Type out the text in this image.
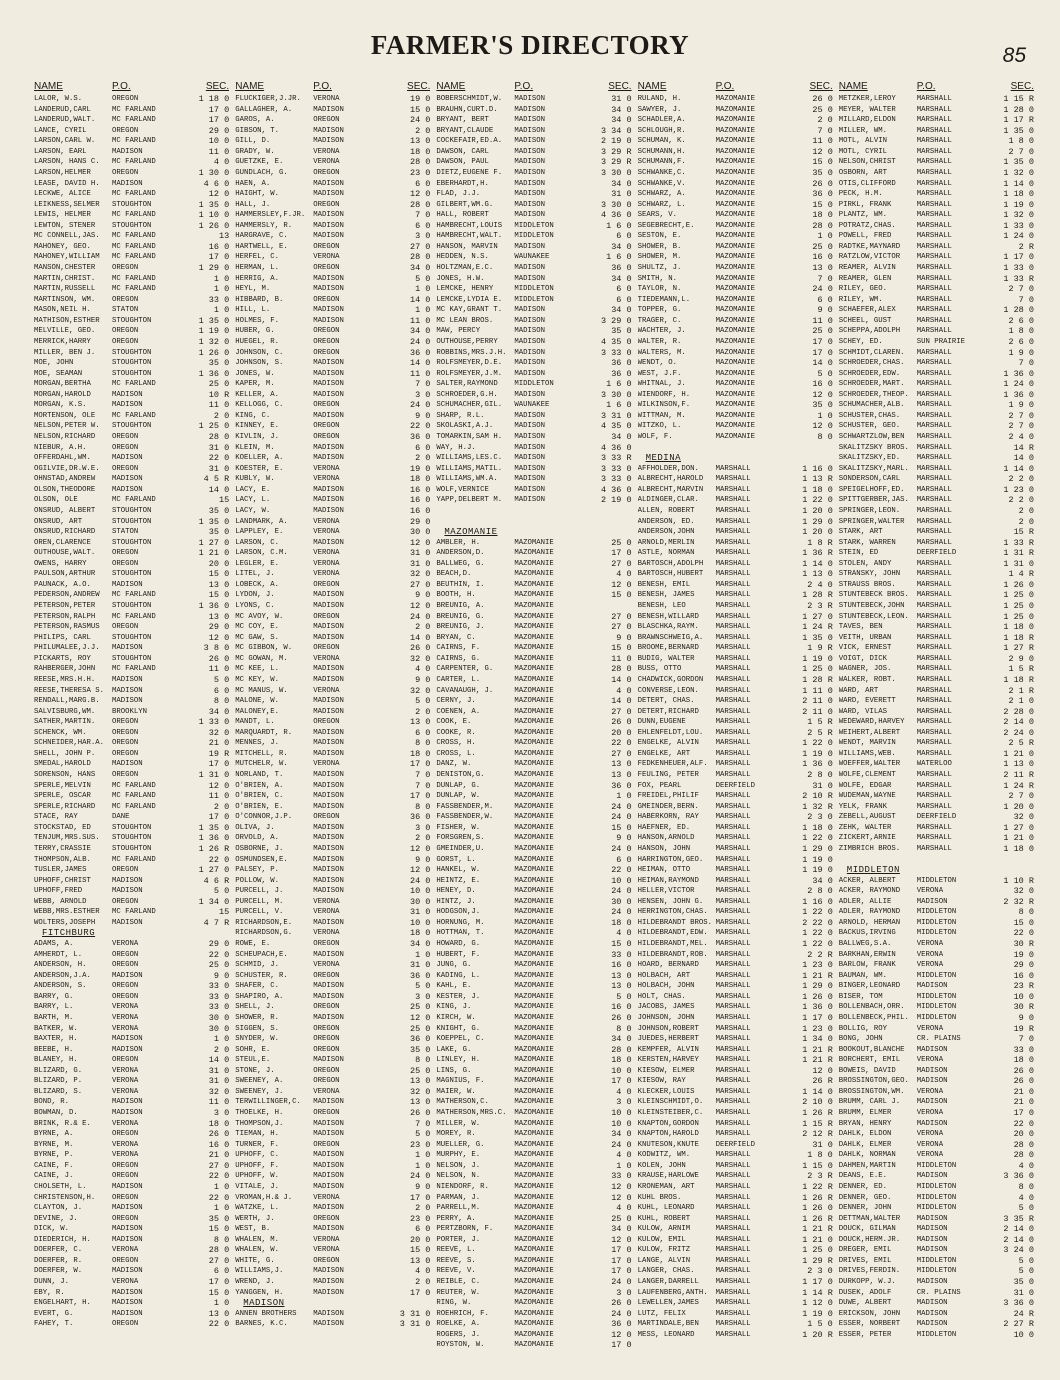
FARMER'S DIRECTORY	85
NAME	P.O.	SEC.
LALOR, W.S.	OREGON	1 18 0
LANDERUD,CARL	MC FARLAND	17 0
LANDERUD,WALT.	MC FARLAND	17 0
LANCE, CYRIL	OREGON	29 0
LARSON,CARL W.	MC FARLAND	10 0
LARSON, EARL	MADISON	11 0
LARSON, HANS C.	MC FARLAND	4 0
LARSON,HELMER	OREGON	1 30 0
LEASE, DAVID H.	MADISON	4 6 0
LECKWE, ALICE	MC FARLAND	12 0
LEIKNESS,SELMER	STOUGHTON	1 35 0
LEWIS, HELMER	MC FARLAND	1 10 0
LEWTON, STENER	STOUGHTON	1 26 0
MC CONNELL,JAS.	MC FARLAND	13
MAHONEY, GEO.	MC FARLAND	16 0
MAHONEY,WILLIAM	MC FARLAND	17 0
MANSON,CHESTER	OREGON	1 29 0
MARTIN,CHRIST.	MC FARLAND	1 0
MARTIN,RUSSELL	MC FARLAND	1 0
MARTINSON, WM.	OREGON	33 0
MASON,NEIL H.	STATON	1 0
MATHISON,ESTHER	STOUGHTON	1 35 0
MELVILLE, GEO.	OREGON	1 19 0
MERRICK,HARRY	OREGON	1 32 0
MILLER, BEN J.	STOUGHTON	1 26 0
MOE, JOHN	STOUGHTON	35 0
MOE, SEAMAN	STOUGHTON	1 36 0
MORGAN,BERTHA	MC FARLAND	25 0
MORGAN,HAROLD	MADISON	10 R
MORGAN, K.S.	MADISON	11 0
MORTENSON, OLE	MC FARLAND	2 0
NELSON,PETER W.	STOUGHTON	1 25 0
NELSON,RICHARD	OREGON	28 0
NIEBUR, A.H.	OREGON	31 0
OFFERDAHL,WM.	MADISON	22 0
OGILVIE,DR.W.E.	OREGON	31 0
OHNSTAD,ANDREW	MADISON	4 5 R
OLSON,THEODORE	MADISON	14 0
OLSON, OLE	MC FARLAND	15
ONSRUD, ALBERT	STOUGHTON	35 0
ONSRUD, ART	STOUGHTON	1 35 0
ONSRUD,RICHARD	STATON	35 0
OREN,CLARENCE	STOUGHTON	1 27 0
OUTHOUSE,WALT.	OREGON	1 21 0
OWENS, HARRY	OREGON	20 0
PAULSON,ARTHUR	STOUGHTON	15 0
PAUNACK, A.O.	MADISON	13 0
PEDERSON,ANDREW	MC FARLAND	15 0
PETERSON,PETER	STOUGHTON	1 36 0
PETERSON,RALPH	MC FARLAND	13 0
PETERSON,RASMUS	OREGON	29 0
PHILIPS, CARL	STOUGHTON	12 0
PHILUMALEE,J.J.	MADISON	3 8 0
PICKARTS, ROY	STOUGHTON	26 0
RAHBERGER,JOHN	MC FARLAND	11 0
REESE,MRS.H.H.	MADISON	5 0
REESE,THERESA S.	MADISON	6 0
RENDALL,MARG.B.	MADISON	8 0
SALVISBURG,WM.	BROOKLYN	34 0
SATHER,MARTIN.	OREGON	1 33 0
SCHENCK, WM.	OREGON	32 0
SCHNEIDER,HAR.A.	OREGON	21 0
SHELL, JOHN P.	OREGON	19 R
SMEDAL,HAROLD	MADISON	17 0
SORENSON, HANS	OREGON	1 31 0
SPERLE,MELVIN	MC FARLAND	12 0
SPERLE, OSCAR	MC FARLAND	11 0
SPERLE,RICHARD	MC FARLAND	2 0
STACE, RAY	DANE	17 0
STOCKSTAD, ED	STOUGHTON	1 35 0
TENJUM,MRS.SUS.	STOUGHTON	1 36 0
TERRY,CRASSIE	STOUGHTON	1 26 R
THOMPSON,ALB.	MC FARLAND	22 0
TUSLER,JAMES	OREGON	1 27 0
UPHOFF,CHRIST	MADISON	4 6 R
UPHOFF,FRED	MADISON	5 0
WEBB, ARNOLD	OREGON	1 34 0
WEBB,MRS.ESTHER	MC FARLAND	15
WOLTERS,JOSEPH	MADISON	4 7 R
FITCHBURG
ADAMS, A.	VERONA	29 0
AMHERDT, L.	OREGON	22 0
ANDERSON, H.	OREGON	25 0
ANDERSON,J.A.	MADISON	9 0
ANDERSON, S.	OREGON	33 0
BARRY, G.	OREGON	33 0
BARRY, L.	VERONA	33 0
BARTH, M.	VERONA	30 0
BATKER, W.	VERONA	30 0
BAXTER, H.	MADISON	1 0
BEEBE, H.	MADISON	2 0
BLANEY, H.	OREGON	14 0
BLIZARD, G.	VERONA	31 0
BLIZARD, P.	VERONA	31 0
BLIZARD, S.	VERONA	32 0
BOND, R.	MADISON	11 0
BOWMAN, D.	MADISON	3 0
BRINK, R.& E.	VERONA	18 0
BYRNE, A.	OREGON	26 0
BYRNE, M.	VERONA	16 0
BYRNE, P.	VERONA	21 0
CAINE, F.	OREGON	27 0
CAINE, J.	OREGON	22 0
CHOLSETH, L.	MADISON	1 0
CHRISTENSON,H.	OREGON	22 0
CLAYTON, J.	MADISON	1 0
DEVINE, J.	OREGON	35 0
DICK, W.	MADISON	15 0
DIEDERICH, H.	MADISON	8 0
DOERFER, C.	VERONA	28 0
DOERFER, R.	OREGON	27 0
DOERFER, W.	MADISON	6 0
DUNN, J.	VERONA	17 0
EBY, R.	MADISON	15 0
ENGELHART, H.	MADISON	1 0
EVERT, G.	MADISON	13 0
FAHEY, T.	OREGON	22 0
NAME	P.O.	SEC.
FLUCKIGER,J.JR.	VERONA	19 0
GALLAGHER, A.	MADISON	15 0
GAROS, A.	OREGON	24 0
GIBSON, T.	MADISON	2 0
GILL, D.	MADISON	13 0
GRADY, W.	VERONA	18 0
GUETZKE, E.	VERONA	28 0
GUNDLACH, G.	OREGON	23 0
HAEN, A.	MADISON	6 0
HAIGHT, W.	MADISON	12 0
HALL, J.	OREGON	28 0
HAMMERSLEY,F.JR.	MADISON	7 0
HAMMERSLY, R.	MADISON	6 0
HARGRAVE, C.	MADISON	3 0
HARTWELL, E.	OREGON	27 0
HERFEL, C.	VERONA	28 0
HERMAN, L.	OREGON	34 0
HERRIG, A.	MADISON	5 0
HEYL, M.	MADISON	1 0
HIBBARD, B.	OREGON	14 0
HILL, L.	MADISON	1 0
HOLMES, F.	MADISON	11 0
HUBER, G.	OREGON	34 0
HUEGEL, R.	OREGON	24 0
JOHNSON, C.	OREGON	36 0
JOHNSON, S.	MADISON	14 0
JONES, W.	MADISON	11 0
KAPER, M.	MADISON	7 0
KELLER, A.	MADISON	3 0
KELLOGG, C.	OREGON	24 0
KING, C.	MADISON	9 0
KINNEY, E.	OREGON	22 0
KIVLIN, J.	OREGON	36 0
KLEIN, M.	MADISON	6 0
KOELLER, A.	MADISON	2 0
KOESTER, E.	VERONA	19 0
KUBLY, W.	VERONA	18 0
LACY, E.	MADISON	16 0
LACY, L.	MADISON	16 0
LACY, W.	MADISON	16 0
LANDMARK, A.	VERONA	29 0
LAPPLEY, E.	VERONA	30 0
LARSON, C.	MADISON	12 0
LARSON, C.M.	VERONA	31 0
LEGLER, E.	VERONA	31 0
LITEL, J.	VERONA	32 0
LOBECK, A.	OREGON	27 0
LYDON, J.	MADISON	9 0
LYONS, C.	MADISON	12 0
MC AVOY, W.	OREGON	24 0
MC COY, E.	MADISON	2 0
MC GAW, S.	MADISON	14 0
MC GIBBON, W.	OREGON	26 0
MC GOWAN, M.	VERONA	32 0
MC KEE, L.	MADISON	4 0
MC KEY, W.	MADISON	9 0
MC MANUS, W.	VERONA	32 0
MALONE, W.	MADISON	5 0
MALONEY,E.	MADISON	2 0
MANDT, L.	OREGON	13 0
MARQUARDT, R.	MADISON	6 0
MENNES, J.	MADISON	8 0
MITCHELL, R.	MADISON	18 0
MUTCHELR, W.	VERONA	17 0
NORLAND, T.	MADISON	7 0
O'BRIEN, A.	MADISON	7 0
O'BRIEN, C.	MADISON	17 0
O'BRIEN, E.	MADISON	8 0
O'CONNOR,J.P.	OREGON	36 0
OLIVA, J.	MADISON	3 0
ORVOLD, A.	MADISON	2 0
OSBORNE, J.	MADISON	12 0
OSMUNDSEN,E.	MADISON	9 0
PALSEY, P.	MADISON	12 0
POLLOW, W.	MADISON	24 0
PURCELL, J.	MADISON	10 0
PURCELL, M.	VERONA	30 0
PURCELL, V.	VERONA	31 0
RICHARDSON,E.	MADISON	10 0
RICHARDSON,G.	VERONA	18 0
ROWE, E.	OREGON	34 0
SCHEUPACH,E.	MADISON	1 0
SCHMID, J.	VERONA	31 0
SCHUSTER, R.	OREGON	36 0
SHAFER, C.	MADISON	5 0
SHAPIRO, A.	MADISON	3 0
SHELL, J.	OREGON	25 0
SHOWER, R.	MADISON	12 0
SIGGEN, S.	OREGON	25 0
SNYDER, W.	OREGON	36 0
SOHR, E.	OREGON	35 0
STEUL,E.	MADISON	8 0
STONE, J.	OREGON	25 0
SWEENEY, A.	OREGON	13 0
SWEENEY, J.	VERONA	32 0
TERWILLINGER,C.	MADISON	13 0
THOELKE, H.	OREGON	26 0
THOMPSON,J.	MADISON	7 0
TIEMAN, H.	MADISON	5 0
TURNER, F.	OREGON	23 0
UPHOFF, C.	MADISON	1 0
UPHOFF, F.	MADISON	1 0
UPHOFF, W.	MADISON	24 0
VITALE, J.	MADISON	9 0
VROMAN,H.& J.	VERONA	17 0
WATZKE, L.	MADISON	2 0
WERTH, J.	OREGON	23 0
WEST, B.	MADISON	6 0
WHALEN, M.	VERONA	20 0
WHALEN, W.	VERONA	15 0
WHITE, G.	OREGON	13 0
WILLIAMS,J.	MADISON	4 0
WREND, J.	MADISON	2 0
YANGGEN, H.	MADISON	17 0
MADISON
ANNEN BROTHERS	MADISON	3 31 0
BARNES, K.C.	MADISON	3 31 0
NAME	P.O.	SEC.
BOBERSCHMIDT,W.	MADISON	31 0
BRAUHN,CURT.D.	MADISON	34 0
BRYANT, BERT	MADISON	34 0
BRYANT,CLAUDE	MADISON	3 34 0
COCKEFAIR,ED.A.	MADISON	2 19 0
DAWSON, CARL	MADISON	3 29 R
DAWSON, PAUL	MADISON	3 29 R
DIETZ,EUGENE F.	MADISON	3 30 0
EBERHARDT,H.	MADISON	34 0
FLAD, J.J.	MADISON	31 0
GILBERT,WM.G.	MADISON	3 30 0
HALL, ROBERT	MADISON	4 36 0
HAMBRECHT,LOUIS	MIDDLETON	1 6 0
HAMBRECHT,WALT.	MIDDLETON	6 0
HANSON, MARVIN	MADISON	34 0
HEDDEN, N.S.	WAUNAKEE	1 6 0
HOLTZMAN,E.C.	MADISON	36 0
JONES, H.W.	MADISON	34 0
LEMCKE, HENRY	MIDDLETON	6 0
LEMCKE,LYDIA E.	MIDDLETON	6 0
MC KAY,GRANT T.	MADISON	34 0
MC LEAN BROS.	MADISON	3 29 0
MAW, PERCY	MADISON	35 0
OUTHOUSE,PERRY	MADISON	4 35 0
ROBBINS,MRS.J.H.	MADISON	3 33 0
ROLFSMEYER,D.E.	MADISON	36 0
ROLFSMEYER,J.M.	MADISON	36 0
SALTER,RAYMOND	MIDDLETON	1 6 0
SCHROEDER,G.H.	MADISON	3 30 0
SCHUMACHER,GIL.	WAUNAKEE	1 6 0
SHARP, R.L.	MADISON	3 31 0
SKOLASKI,A.J.	MADISON	4 35 0
TOMARKIN,SAM H.	MADISON	34 0
WAY, H.J.	MADISON	4 36 0
WILLIAMS,LES.C.	MADISON	3 33 R
WILLIAMS,MATIL.	MADISON	3 33 0
WILLIAMS,WM.A.	MADISON	3 33 0
WOLF,VERNICE	MADISON	4 36 0
YAPP,DELBERT M.	MADISON	2 19 0
MAZOMANIE
AMBLER, H.	MAZOMANIE	25 0
ANDERSON,D.	MAZOMANIE	17 0
BALLWEG, G.	MAZOMANIE	27 0
BEACH,D.	MAZOMANIE	4 0
BEUTHIN, I.	MAZOMANIE	12 0
BOOTH, H.	MAZOMANIE	15 0
BREUNIG, A.	MAZOMANIE
BREUNIG, G.	MAZOMANIE	27 0
BREUNIG, J.	MAZOMANIE	27 0
BRYAN, C.	MAZOMANIE	9 0
CAIRNS, F.	MAZOMANIE	15 0
CAIRNS, G.	MAZOMANIE	11 0
CARPENTER, G.	MAZOMANIE	28 0
CARTER, L.	MAZOMANIE	14 0
CAVANAUGH, J.	MAZOMANIE	4 0
CERNY, J.	MAZOMANIE	14 0
COENEN, A.	MAZOMANIE	27 0
COOK, E.	MAZOMANIE	26 0
COOKE, R.	MAZOMANIE	20 0
CROSS, H.	MAZOMANIE	22 0
CROSS, L.	MAZOMANIE	27 0
DANZ, W.	MAZOMANIE	13 0
DENISTON,G.	MAZOMANIE	13 0
DUNLAP, G.	MAZOMANIE	36 0
DUNLAP, W.	MAZOMANIE	1 0
FASSBENDER,M.	MAZOMANIE	24 0
FASSBENDER,W.	MAZOMANIE	24 0
FISHER, W.	MAZOMANIE	15 0
FORSGREN,S.	MAZOMANIE	9 0
GMEINDER,U.	MAZOMANIE	24 0
GORST, L.	MAZOMANIE	6 0
HANKEL, W.	MAZOMANIE	22 0
HEINTZ, E.	MAZOMANIE	10 0
HENEY, D.	MAZOMANIE	24 0
HINTZ, J.	MAZOMANIE	30 0
HODGSON,J.	MAZOMANIE	24 0
HORNUNG, M.	MAZOMANIE	18 0
HOTTMAN, T.	MAZOMANIE	4 0
HOWARD, G.	MAZOMANIE	15 0
HUBERT, F.	MAZOMANIE	33 0
JUNG, G.	MAZOMANIE	16 0
KADING, L.	MAZOMANIE	13 0
KAHL, E.	MAZOMANIE	13 0
KESTER, J.	MAZOMANIE	5 0
KING, J.	MAZOMANIE	16 0
KIRCH, W.	MAZOMANIE	26 0
KNIGHT, G.	MAZOMANIE	8 0
KOEPPEL, C.	MAZOMANIE	34 0
LAKE, G.	MAZOMANIE	28 0
LINLEY, H.	MAZOMANIE	18 0
LINS, G.	MAZOMANIE	10 0
MAGNIUS, F.	MAZOMANIE	17 0
MAIER, W.	MAZOMANIE	4 0
MATHERSON,C.	MAZOMANIE	3 0
MATHERSON,MRS.C.	MAZOMANIE	10 0
MILLER, W.	MAZOMANIE	10 0
MOREY, R.	MAZOMANIE	34 0
MUELLER, G.	MAZOMANIE	24 0
MURPHY, E.	MAZOMANIE	4 0
NELSON, J.	MAZOMANIE	1 0
NELSON, N.	MAZOMANIE	33 0
NIENDORF, R.	MAZOMANIE	12 0
PARMAN, J.	MAZOMANIE	12 0
PARRELL,M.	MAZOMANIE	4 0
PERRY, A.	MAZOMANIE	25 0
PERTZBORN, F.	MAZOMANIE	34 0
PORTER, J.	MAZOMANIE	12 0
REEVE, L.	MAZOMANIE	17 0
REEVE, S.	MAZOMANIE	17 0
REEVE, V.	MAZOMANIE	17 0
REIBLE, C.	MAZOMANIE	24 0
REUTER, W.	MAZOMANIE	3 0
RING, W.	MAZOMANIE	26 0
ROEHRICH, F.	MAZOMANIE	24 0
ROELKE, A.	MAZOMANIE	36 0
ROGERS, J.	MAZOMANIE	12 0
ROYSTON, W.	MAZOMANIE	17 0
NAME	P.O.	SEC.
RULAND, H.	MAZOMANIE	26 0
SAWYER, J.	MAZOMANIE	25 0
SCHADLER,A.	MAZOMANIE	2 0
SCHLOUGH,R.	MAZOMANIE	7 0
SCHUMAN, K.	MAZOMANIE	11 0
SCHUMANN,H.	MAZOMANIE	12 0
SCHUMANN,F.	MAZOMANIE	15 0
SCHWANKE,C.	MAZOMANIE	35 0
SCHWANKE,V.	MAZOMANIE	26 0
SCHWARZ, A.	MAZOMANIE	36 0
SCHWARZ, L.	MAZOMANIE	15 0
SEARS, V.	MAZOMANIE	18 0
SEGEBRECHT,E.	MAZOMANIE	28 0
SESTON, E.	MAZOMANIE	1 0
SHOWER, B.	MAZOMANIE	25 0
SHOWER, M.	MAZOMANIE	16 0
SHULTZ, J.	MAZOMANIE	13 0
SMITH, N.	MAZOMANIE	7 0
TAYLOR, N.	MAZOMANIE	24 0
TIEDEMANN,L.	MAZOMANIE	6 0
TOPPER, G.	MAZOMANIE	9 0
TRAGER, C.	MAZOMANIE	11 0
WACHTER, J.	MAZOMANIE	25 0
WALTER, R.	MAZOMANIE	17 0
WALTERS, M.	MAZOMANIE	17 0
WENDT, O.	MAZOMANIE	14 0
WEST, J.F.	MAZOMANIE	5 0
WHITNAL, J.	MAZOMANIE	16 0
WIENDORF, H.	MAZOMANIE	12 0
WILKINSON,F.	MAZOMANIE	35 0
WITTMAN, M.	MAZOMANIE	1 0
WITZKO, L.	MAZOMANIE	12 0
WOLF, F.	MAZOMANIE	8 0
MEDINA
AFFHOLDER,DON.	MARSHALL	1 16 0
ALBRECHT,HAROLD	MARSHALL	1 13 R
ALBRECHT,MARVIN	MARSHALL	1 18 0
ALDINGER,CLAR.	MARSHALL	1 22 0
ALLEN, ROBERT	MARSHALL	1 20 0
ANDERSON, ED.	MARSHALL	1 29 0
ANDERSON,JOHN	MARSHALL	1 20 0
ARNOLD,MERLIN	MARSHALL	1 8 R
ASTLE, NORMAN	MARSHALL	1 36 R
BARTOSCH,ADOLPH	MARSHALL	1 14 0
BARTOSCH,HUBERT	MARSHALL	1 13 0
BENESH, EMIL	MARSHALL	2 4 0
BENESH, JAMES	MARSHALL	1 28 R
BENESH, LEO	MARSHALL	2 3 R
BENESH,WILLARD	MARSHALL	1 27 0
BLASCHKA,RAYM.	MARSHALL	1 24 R
BRAWNSCHWEIG,A.	MARSHALL	1 35 0
BROOME,BERNARD	MARSHALL	1 9 R
BUDIG, WALTER	MARSHALL	1 19 0
BUSS, OTTO	MARSHALL	1 25 0
CHADWICK,GORDON	MARSHALL	1 28 R
CONVERSE,LEON.	MARSHALL	1 11 0
DETERT, CHAS.	MARSHALL	2 11 0
DETERT,RICHARD	MARSHALL	2 11 0
DUNN,EUGENE	MARSHALL	1 5 R
EHLENFELDT,LOU.	MARSHALL	2 5 R
ENGELKE, ALVIN	MARSHALL	1 22 0
ENGELKE, ART	MARSHALL	1 19 0
FEDKENHEUER,ALF.	MARSHALL	1 36 0
FEULING, PETER	MARSHALL	2 8 0
FOX, PEARL	DEERFIELD	31 0
FREIDEL,PHILIF	MARSHALL	2 10 R
GMEINDER,BERN.	MARSHALL	1 32 R
HABERKORN, RAY	MARSHALL	2 3 0
HAEFNER, ED.	MARSHALL	1 18 0
HANSON,ARNOLD	MARSHALL	1 22 0
HANSON, JOHN	MARSHALL	1 29 0
HARRINGTON,GEO.	MARSHALL	1 19 0
HEIMAN, OTTO	MARSHALL	1 19 0
HEIMAN,RAYMOND	MARSHALL	34 0
HELLER,VICTOR	MARSHALL	2 8 0
HENSEN, JOHN G.	MARSHALL	1 16 0
HERRINGTON,CHAS.	MARSHALL	1 22 0
HILDEBRANDT BROS. MARSHALL	2 22 0
HILDEBRANDT,EDW.	MARSHALL	1 22 0
HILDEBRANDT,MEL.	MARSHALL	1 22 0
HILDEBRANDT,ROB.	MARSHALL	2 2 R
HOARD, BERNARD	MARSHALL	1 23 0
HOLBACH, ART	MARSHALL	1 21 R
HOLBACH, JOHN	MARSHALL	1 29 0
HOLT, CHAS.	MARSHALL	1 26 0
JACOBS, JAMES	MARSHALL	1 36 0
JOHNSON, JOHN	MARSHALL	1 17 0
JOHNSON,ROBERT	MARSHALL	1 23 0
JUEDES,HERBERT	MARSHALL	1 34 0
KEMPFER, ALVIN	MARSHALL	1 21 R
KERSTEN,HARVEY	MARSHALL	1 21 R
KIESOW, ELMER	MARSHALL	12 0
KIESOW, RAY	MARSHALL	26 R
KLECKER,LOUIS	MARSHALL	1 14 0
KLEINSCHMIDT,O.	MARSHALL	2 10 0
KLEINSTEIBER,C.	MARSHALL	1 26 R
KNAPTON,GORDON	MARSHALL	1 15 R
KNAPTON,HAROLD	MARSHALL	2 12 R
KNUTESON,KNUTE	DEERFIELD	31 0
KODWITZ, WM.	MARSHALL	1 8 0
KOLEN, JOHN	MARSHALL	1 15 0
KRAUSE,HARLOWE	MARSHALL	2 3 R
KRONEMAN, ART	MARSHALL	1 22 R
KUHL BROS.	MARSHALL	1 26 R
KUHL, LEONARD	MARSHALL	1 26 0
KUHL, ROBERT	MARSHALL	1 26 R
KULOW, ARNIM	MARSHALL	1 21 R
KULOW, EMIL	MARSHALL	1 21 0
KULOW, FRITZ	MARSHALL	1 25 0
LANGE, ALVIN	MARSHALL	1 29 R
LANGER, CHAS.	MARSHALL	2 3 0
LANGER,DARRELL	MARSHALL	1 17 0
LAUFENBERG,ANTH.	MARSHALL	1 14 R
LEWELLEN,JAMES	MARSHALL	1 12 0
LUTZ, FELIX	MARSHALL	1 19 0
MARTINDALE,BEN	MARSHALL	1 5 0
MESS, LEONARD	MARSHALL	1 20 R
NAME	P.O.	SEC.
METZKER,LEROY	MARSHALL	1 15 R
MEYER, WALTER	MARSHALL	1 28 0
MILLARD,ELDON	MARSHALL	1 17 R
MILLER, WM.	MARSHALL	1 35 0
MOTL, ALVIN	MARSHALL	1 8 0
MOTL, CYRIL	MARSHALL	2 7 0
NELSON,CHRIST	MARSHALL	1 35 0
OSBORN, ART	MARSHALL	1 32 0
OTIS,CLIFFORD	MARSHALL	1 14 0
PECK, H.M.	MARSHALL	1 18 0
PIRKL, FRANK	MARSHALL	1 19 0
PLANTZ, WM.	MARSHALL	1 32 0
POTRATZ,CHAS.	MARSHALL	1 33 0
POWELL, FRED	MARSHALL	1 24 0
RADTKE,MAYNARD	MARSHALL	2 R
RATZLOW,VICTOR	MARSHALL	1 17 0
REAMER, ALVIN	MARSHALL	1 33 0
REAMER, GLEN	MARSHALL	1 33 R
RILEY, GEO.	MARSHALL	2 7 0
RILEY, WM.	MARSHALL	7 0
SCHAEFER,ALEX	MARSHALL	1 28 0
SCHEEL, GUST	MARSHALL	2 6 0
SCHEPPA,ADOLPH	MARSHALL	1 8 0
SCHEY, ED.	SUN PRAIRIE	2 6 0
SCHMIDT,CLAREN.	MARSHALL	1 9 0
SCHROEDER,CHAS.	MARSHALL	7 0
SCHROEDER,EDW.	MARSHALL	1 36 0
SCHROEDER,MART.	MARSHALL	1 24 0
SCHROEDER,THEOP.	MARSHALL	1 36 0
SCHUMACHER,ALB.	MARSHALL	1 9 0
SCHUSTER,CHAS.	MARSHALL	2 7 0
SCHUSTER, GEO.	MARSHALL	2 7 0
SCHWARTZLOW,BEN	MARSHALL	2 4 0
SKALITZSKY BROS.	MARSHALL	14 R
SKALITZSKY,ED.	MARSHALL	14 0
SKALITZSKY,MARL.	MARSHALL	1 14 0
SONDERSON,CARL	MARSHALL	2 2 0
SPEIGELHOFF,ED.	MARSHALL	1 23 0
SPITTGERBER,JAS.	MARSHALL	2 2 0
SPRINGER,LEON.	MARSHALL	2 0
SPRINGER,WALTER	MARSHALL	2 0
STARK, ART	MARSHALL	15 R
STARK, WARREN	MARSHALL	1 33 R
STEIN, ED	DEERFIELD	1 31 R
STOLEN, ANDY	MARSHALL	1 31 0
STRANSKY, JOHN	MARSHALL	1 4 R
STRAUSS BROS.	MARSHALL	1 26 0
STUNTEBECK BROS.	MARSHALL	1 25 0
STUNTEBECK,JOHN	MARSHALL	1 25 0
STUNTEBECK,LEON.	MARSHALL	1 25 0
TAVES, BEN	MARSHALL	1 18 0
VEITH, URBAN	MARSHALL	1 18 R
VICK, ERNEST	MARSHALL	1 27 R
VOIGT, DICK	MARSHALL	2 9 0
WAGNER, JOS.	MARSHALL	1 5 R
WALKER, ROBT.	MARSHALL	1 18 R
WARD, ART	MARSHALL	2 1 R
WARD, EVERETT	MARSHALL	2 1 0
WARD, VILAS	MARSHALL	2 28 0
WEDEWARD,HARVEY	MARSHALL	2 14 0
WEIHERT,ALBERT	MARSHALL	2 24 0
WENDT, MARVIN	MARSHALL	2 5 R
WILLIAMS,WEB.	MARSHALL	1 21 0
WOEFFER,WALTER	WATERLOO	1 13 0
WOLFE,CLEMENT	MARSHALL	2 11 R
WOLFE, EDGAR	MARSHALL	1 24 R
WUDEMAN,WAYNE	MARSHALL	2 7 0
YELK, FRANK	MARSHALL	1 20 0
ZEBELL,AUGUST	DEERFIELD	32 0
ZEHK, WALTER	MARSHALL	1 27 0
ZICKERT,ARNIE	MARSHALL	1 21 0
ZIMBRICH BROS.	MARSHALL	1 18 0
MIDDLETON
ACKER, ALBERT	MIDDLETON	1 10 R
ACKER, RAYMOND	VERONA	32 0
ADLER, ALLIE	MADISON	2 32 R
ADLER, RAYMOND	MIDDLETON	8 0
ARNOLD, HERMAN	MIDDLETON	15 0
BACKUS,IRVING	MIDDLETON	22 0
BALLWEG,S.A.	VERONA	30 R
BARKHAN,ERWIN	VERONA	19 0
BARLOW, FRANK	VERONA	29 0
BAUMAN, WM.	MIDDLETON	16 0
BINGER,LEONARD	MADISON	23 R
BISER, TOM	MIDDLETON	10 0
BOLLENBACH,ORR.	MIDDLETON	30 R
BOLLENBECK,PHIL.	MIDDLETON	9 0
BOLLIG, ROY	VERONA	19 R
BONG, JOHN	CR. PLAINS	7 0
BOOKOUT,BLANCHE	MADISON	33 0
BORCHERT, EMIL	VERONA	18 0
BOWEIS, DAVID	MADISON	26 0
BROSSINGTON,GEO.	MADISON	26 0
BROSSINGTON,WM.	VERONA	21 0
BRUMM, CARL J.	MADISON	21 0
BRUMM, ELMER	VERONA	17 0
BRYAN, HENRY	MADISON	22 0
DAHLK, ELDON	VERONA	20 0
DAHLK, ELMER	VERONA	28 0
DAHLK, NORMAN	VERONA	28 0
DAHMEN,MARTIN	MIDDLETON	4 0
DEANS, E.E.	MADISON	3 36 0
DENNER, ED.	MIDDLETON	8 0
DENNER, GEO.	MIDDLETON	4 0
DENNER, JOHN	MIDDLETON	5 0
DETTMAN,WALTER	MADISON	3 35 R
DOUCK, GILMAN	MADISON	2 14 0
DOUCK,HERM.JR.	MADISON	2 14 0
DREGER, EMIL	MADISON	3 24 0
DRIVES, EMIL	MIDDLETON	5 0
DRIVES,FERDIN.	MIDDLETON	5 0
DURKOPP, W.J.	MADISON	35 0
DUSEK, ADOLF	CR. PLAINS	31 0
DUWE, ALBERT	MADISON	3 36 0
ERICKSON, JOHN	MADISON	24 R
ESSER, NORBERT	MADISON	2 27 R
ESSER, PETER	MIDDLETON	10 0
